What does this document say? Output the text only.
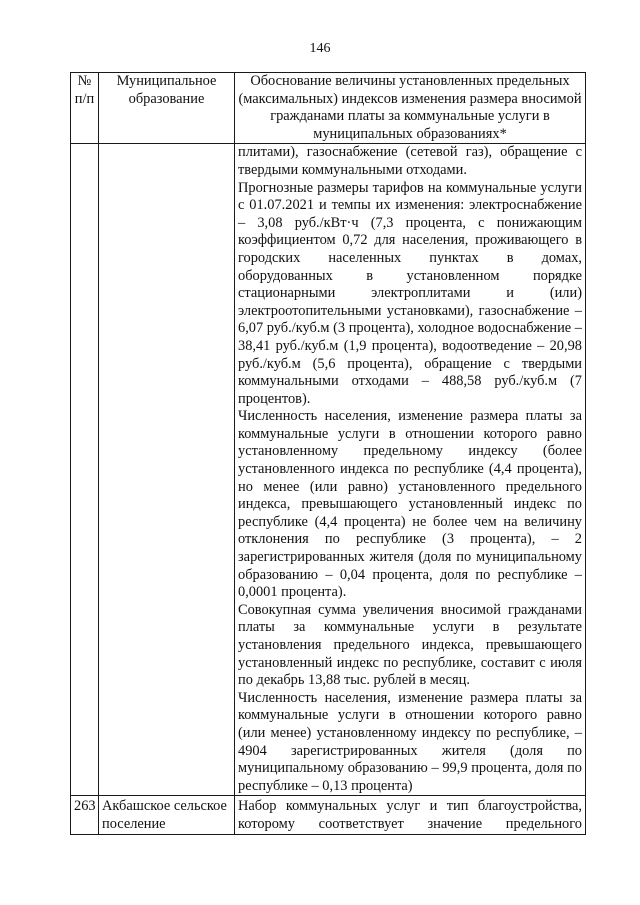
146
№ п/п	Муниципальное образование	Обоснование величины установленных предельных (максимальных) индексов изменения размера вносимой гражданами платы за коммунальные услуги в муниципальных образованиях*

		плитами), газоснабжение (сетевой газ), обращение с твердыми коммунальными отходами.

Прогнозные размеры тарифов на коммунальные услуги с 01.07.2021 и темпы их изменения: электроснабжение – 3,08 руб./кВт·ч (7,3 процента, с понижающим коэффициентом 0,72 для населения, проживающего в городских населенных пунктах в домах, оборудованных в установленном порядке стационарными электроплитами и (или) электроотопительными установками), газоснабжение – 6,07 руб./куб.м (3 процента), холодное водоснабжение – 38,41 руб./куб.м (1,9 процента), водоотведение – 20,98 руб./куб.м (5,6 процента), обращение с твердыми коммунальными отходами – 488,58 руб./куб.м (7 процентов).

Численность населения, изменение размера платы за коммунальные услуги в отношении которого равно установленному предельному индексу (более установленного индекса по республике (4,4 процента), но менее (или равно) установленного предельного индекса, превышающего установленный индекс по республике (4,4 процента) не более чем на величину отклонения по республике (3 процента), – 2 зарегистрированных жителя (доля по муниципальному образованию – 0,04 процента, доля по республике – 0,0001 процента).

Совокупная сумма увеличения вносимой гражданами платы за коммунальные услуги в результате установления предельного индекса, превышающего установленный индекс по республике, составит с июля по декабрь 13,88 тыс. рублей в месяц.

Численность населения, изменение размера платы за коммунальные услуги в отношении которого равно (или менее) установленному индексу по республике, – 4904 зарегистрированных жителя (доля по муниципальному образованию – 99,9 процента, доля по республике – 0,13 процента)

263	Акбашское сельское поселение	Набор коммунальных услуг и тип благоустройства, которому соответствует значение предельного
